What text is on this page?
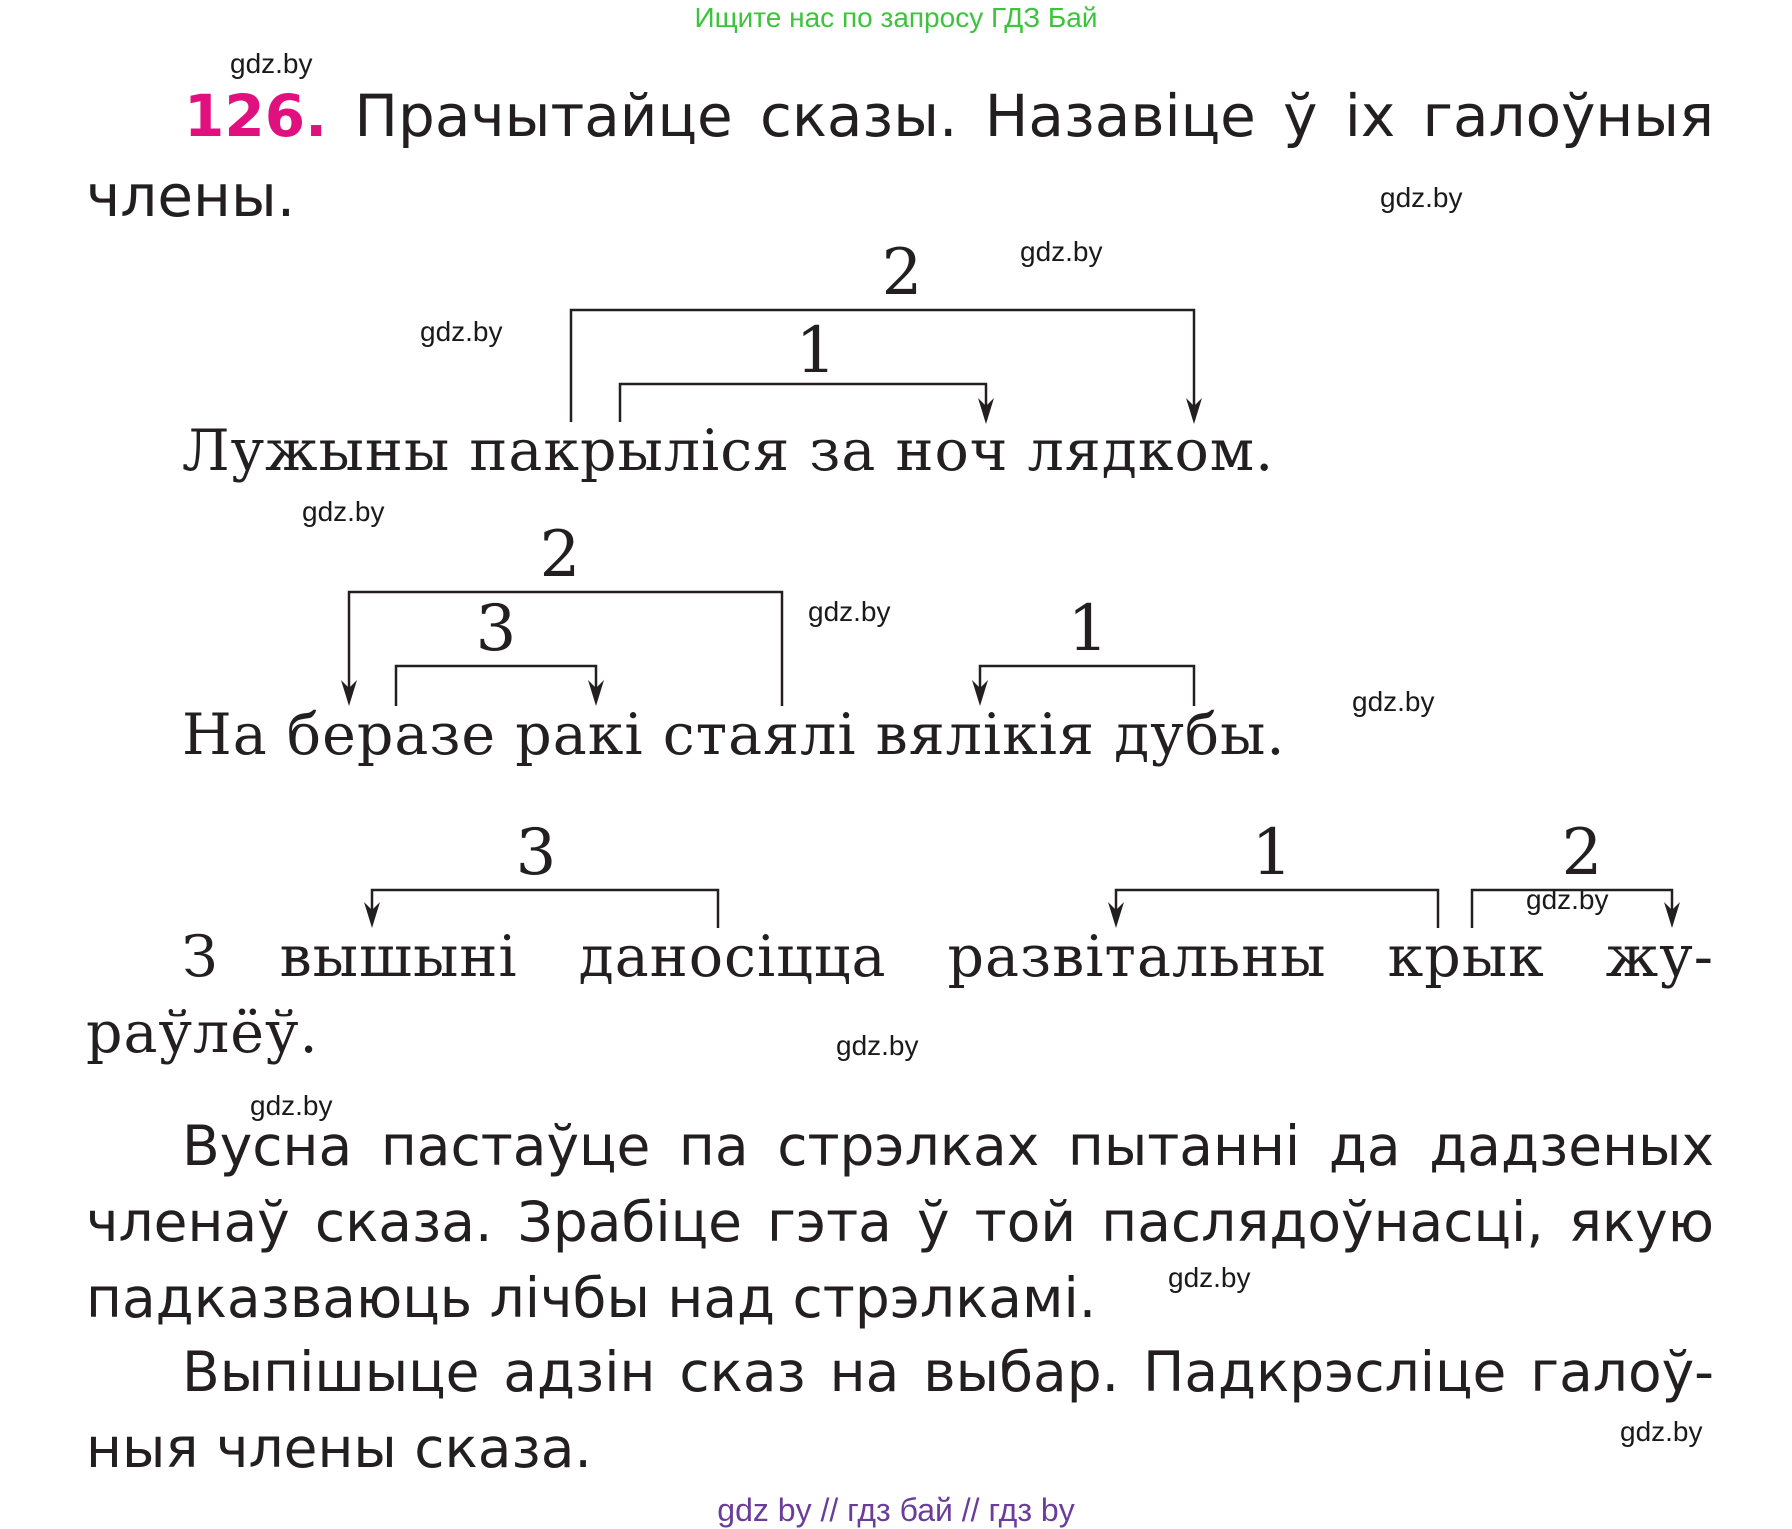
Ищите нас по запросу ГДЗ Бай
gdz.by
gdz.by
gdz.by
gdz.by
gdz.by
gdz.by
gdz.by
gdz.by
gdz.by
gdz.by
gdz.by
gdz.by
126. Прачытайце сказы. Назавіце ў іх галоўныя
члены.
2
1
2
3	1
3	1	2
Лужыны пакрыліся за ноч лядком.
На беразе ракі стаялі вялікія дубы.
З вышыні даносіцца развітальны крык жу-
раўлёў.
Вусна пастаўце па стрэлках пытанні да дадзеных
членаў сказа. Зрабіце гэта ў той паслядоўнасці, якую
падказваюць лічбы над стрэлкамі.
Выпішыце адзін сказ на выбар. Падкрэсліце галоў-
ныя члены сказа.
gdz by // гдз бай // гдз by
